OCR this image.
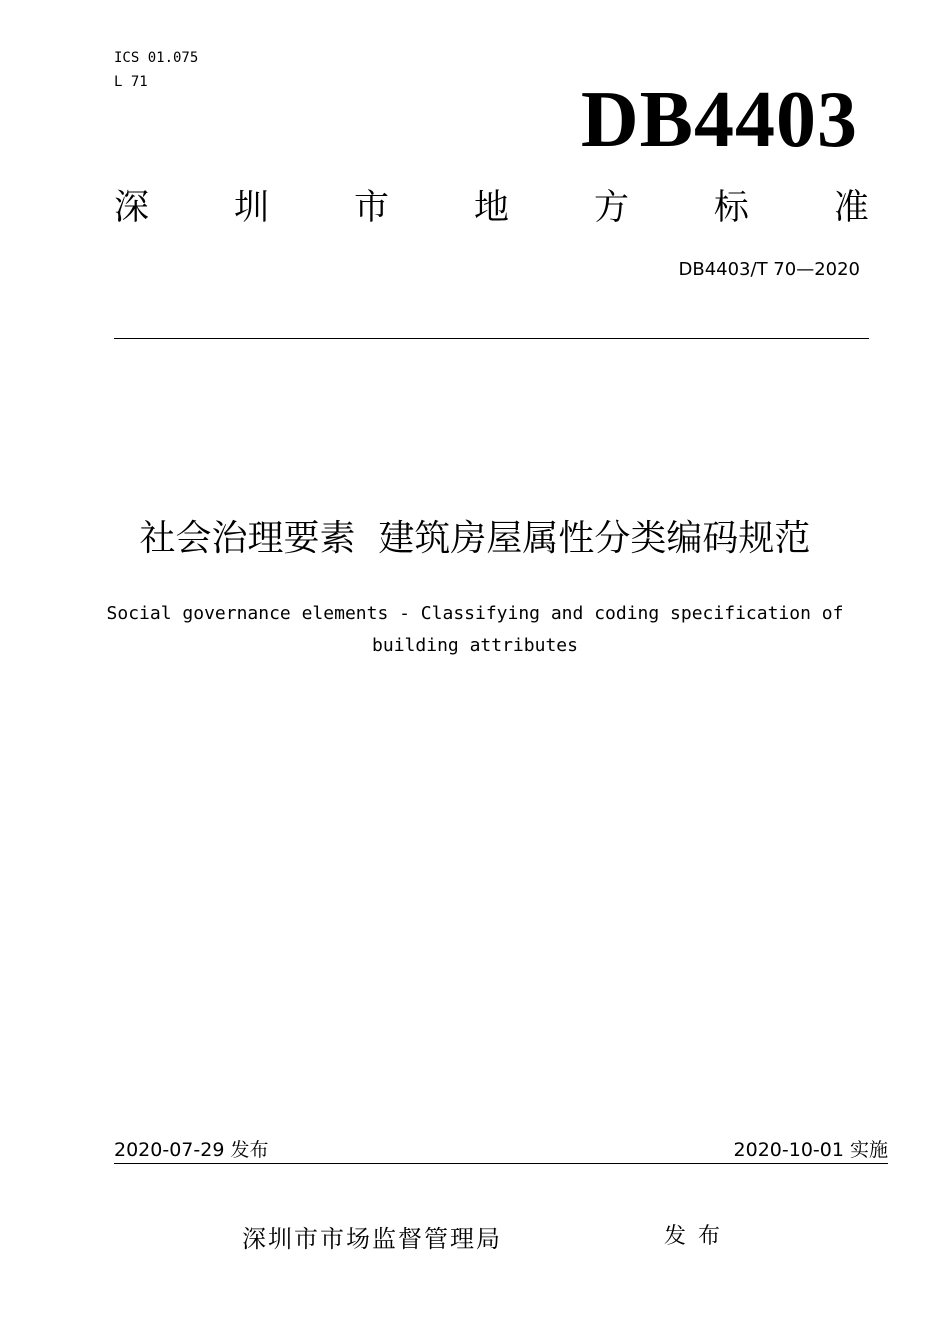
ICS 01.075
L 71	DB4403
深 圳 市 地 方 标 准
DB4403/T 70—2020
社会治理要素  建筑房屋属性分类编码规范
Social governance elements - Classifying and coding specification of building attributes
2020-07-29 发布	2020-10-01 实施
深圳市市场监督管理局	发布
